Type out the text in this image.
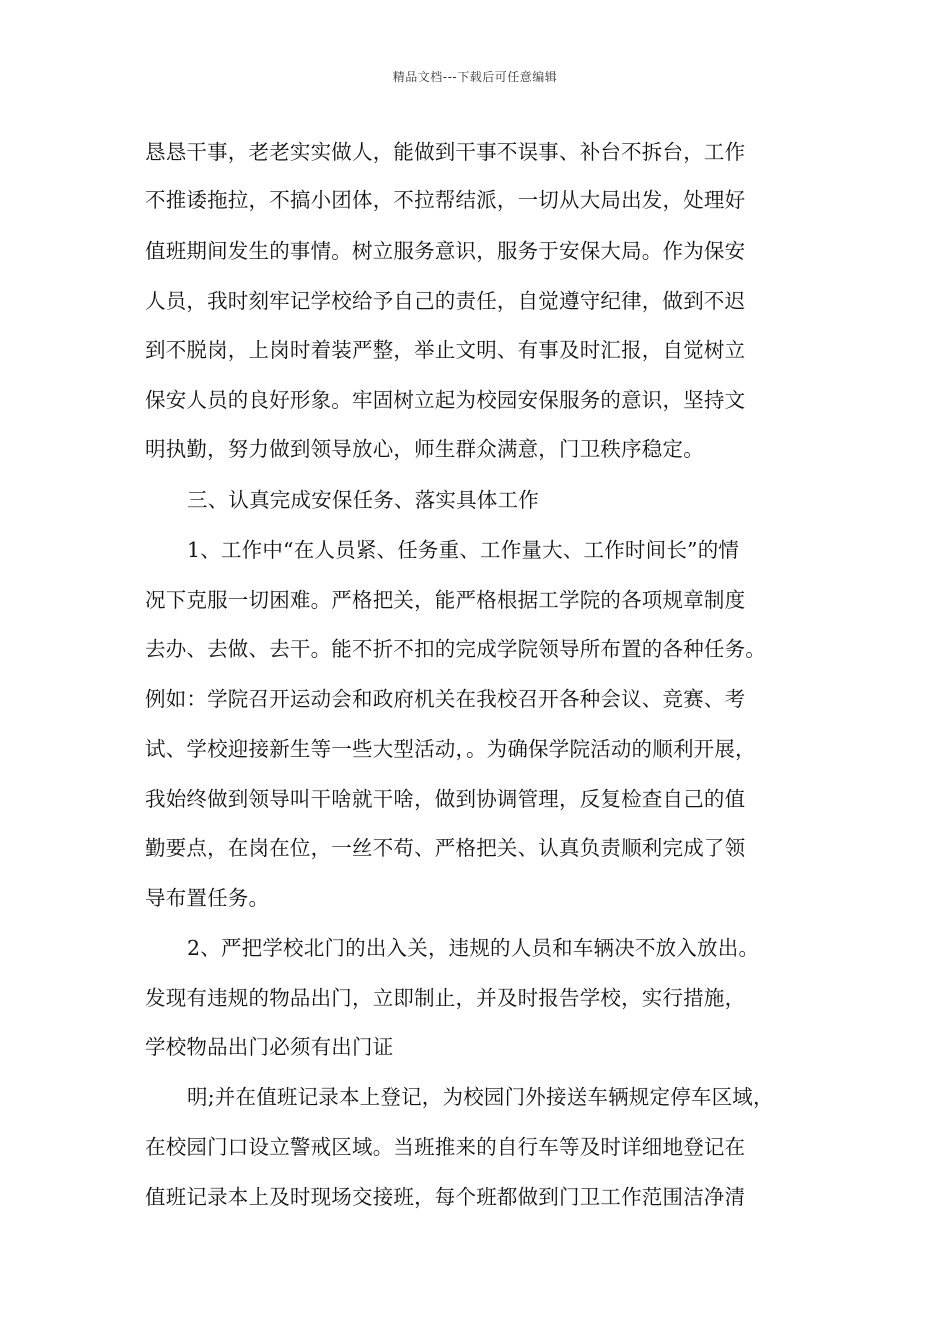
精品文档---下载后可任意编辑
恳恳干事，老老实实做人，能做到干事不误事、补台不拆台，工作
不推诿拖拉，不搞小团体，不拉帮结派，一切从大局出发，处理好
值班期间发生的事情。树立服务意识，服务于安保大局。作为保安
人员，我时刻牢记学校给予自己的责任，自觉遵守纪律，做到不迟
到不脱岗，上岗时着装严整，举止文明、有事及时汇报，自觉树立
保安人员的良好形象。牢固树立起为校园安保服务的意识，坚持文
明执勤，努力做到领导放心，师生群众满意，门卫秩序稳定。
三、认真完成安保任务、落实具体工作
1、工作中“在人员紧、任务重、工作量大、工作时间长”的情
况下克服一切困难。严格把关，能严格根据工学院的各项规章制度
去办、去做、去干。能不折不扣的完成学院领导所布置的各种任务。
例如：学院召开运动会和政府机关在我校召开各种会议、竞赛、考
试、学校迎接新生等一些大型活动，。为确保学院活动的顺利开展，
我始终做到领导叫干啥就干啥，做到协调管理，反复检查自己的值
勤要点，在岗在位，一丝不苟、严格把关、认真负责顺利完成了领
导布置任务。
2、严把学校北门的出入关，违规的人员和车辆决不放入放出。
发现有违规的物品出门，立即制止，并及时报告学校，实行措施，
学校物品出门必须有出门证
明;并在值班记录本上登记，为校园门外接送车辆规定停车区域，
在校园门口设立警戒区域。当班推来的自行车等及时详细地登记在
值班记录本上及时现场交接班，每个班都做到门卫工作范围洁净清
